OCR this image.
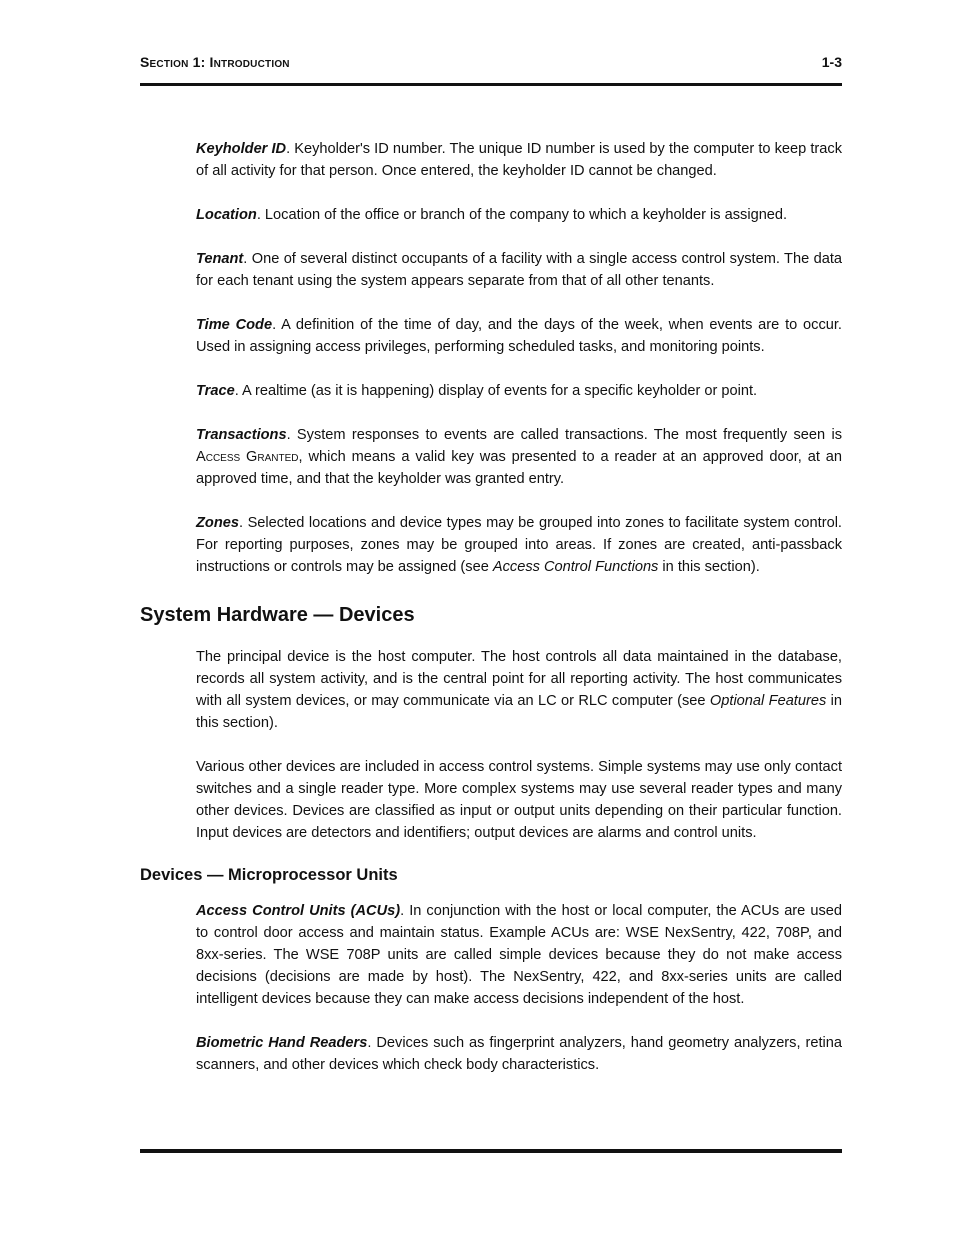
Section 1: Introduction	1-3

Keyholder ID. Keyholder's ID number. The unique ID number is used by the computer to keep track of all activity for that person. Once entered, the keyholder ID cannot be changed.

Location. Location of the office or branch of the company to which a keyholder is assigned.

Tenant. One of several distinct occupants of a facility with a single access control system. The data for each tenant using the system appears separate from that of all other tenants.

Time Code. A definition of the time of day, and the days of the week, when events are to occur. Used in assigning access privileges, performing scheduled tasks, and monitoring points.

Trace. A realtime (as it is happening) display of events for a specific keyholder or point.

Transactions. System responses to events are called transactions. The most frequently seen is Access Granted, which means a valid key was presented to a reader at an approved door, at an approved time, and that the keyholder was granted entry.

Zones. Selected locations and device types may be grouped into zones to facilitate system control. For reporting purposes, zones may be grouped into areas. If zones are created, anti-passback instructions or controls may be assigned (see Access Control Functions in this section).

System Hardware — Devices

The principal device is the host computer. The host controls all data maintained in the database, records all system activity, and is the central point for all reporting activity. The host communicates with all system devices, or may communicate via an LC or RLC computer (see Optional Features in this section).

Various other devices are included in access control systems. Simple systems may use only contact switches and a single reader type. More complex systems may use several reader types and many other devices. Devices are classified as input or output units depending on their particular function. Input devices are detectors and identifiers; output devices are alarms and control units.

Devices — Microprocessor Units

Access Control Units (ACUs). In conjunction with the host or local computer, the ACUs are used to control door access and maintain status. Example ACUs are: WSE NexSentry, 422, 708P, and 8xx-series. The WSE 708P units are called simple devices because they do not make access decisions (decisions are made by host). The NexSentry, 422, and 8xx-series units are called intelligent devices because they can make access decisions independent of the host.

Biometric Hand Readers. Devices such as fingerprint analyzers, hand geometry analyzers, retina scanners, and other devices which check body characteristics.
